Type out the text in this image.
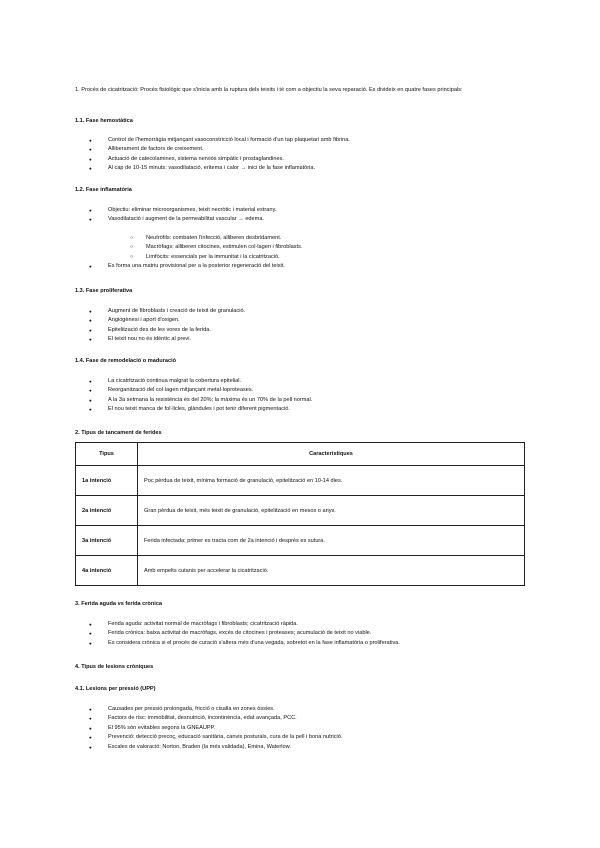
1. Procés de cicatrització: Procés fisiològic que s'inicia amb la ruptura dels teixits i té com a objectiu la seva reparació. Es divideix en quatre fases principals:
1.1. Fase hemostàtica
● Control de l'hemorràgia mitjançant vasoconstricció local i formació d'un tap plaquetari amb fibrina.
● Alliberament de factors de creixement.
● Actuació de catecolamines, sistema nerviós simpàtic i prostaglandines.
● Al cap de 10-15 minuts: vasodilatació, eritema i calor → inici de la fase inflamatòria.
1.2. Fase inflamatòria
● Objectiu: eliminar microorganismes, teixit necròtic i material estrany.
● Vasodilatació i augment de la permeabilitat vascular → edema.
○ Neutròfils: combaten l'infecció, alliberen desbridament.
○ Macròfags: alliberen citocines, estimulen col·lagen i fibroblasts.
○ Limfòcits: essencials per la immunitat i la cicatrització.
● Es forma una matriu provisional per a la posterior regeneració del teixit.
1.3. Fase proliferativa
● Augment de fibroblasts i creació de teixit de granulació.
● Angiogènesi i aport d'oxigen.
● Epitelització des de les vores de la ferida.
● El teixit nou no és idèntic al previ.
1.4. Fase de remodelació o maduració
● La cicatrització continua malgrat la cobertura epitelial.
● Reorganització del col·lagen mitjançant metal·loproteases.
● A la 3a setmana la resistència és del 20%; la màxima és un 70% de la pell normal.
● El nou teixit manca de fol·licles, glàndules i pot tenir diferent pigmentació.
2. Tipus de tancament de ferides
Tipus	Característiques
1a intenció	Poc pèrdua de teixit, mínima formació de granulació, epitelització en 10-14 dies.
2a intenció	Gran pèrdua de teixit, més teixit de granulació, epitelització en mesos o anys.
3a intenció	Ferida infectada; primer es tracta com de 2a intenció i després es sutura.
4a intenció	Amb empelts cutanis per accelerar la cicatrització.
3. Ferida aguda vs ferida crònica
● Ferida aguda: activitat normal de macròfags i fibroblasts; cicatrització ràpida.
● Ferida crònica: baixa activitat de macròfags, excés de citocines i proteases; acumulació de teixit no viable.
● Es considera crònica si el procés de curació s'altera més d'una vegada, sobretot en la fase inflamatòria o proliferativa.
4. Tipus de lesions cròniques
4.1. Lesions per pressió (UPP)
● Causades per pressió prolongada, fricció o cisalla en zones òssies.
● Factors de risc: immobilitat, desnutrició, incontinència, edat avançada, PCC.
● El 95% són evitables segons la GNEAUPP.
● Prevenció: detecció precoç, educació sanitària, canvis posturals, cura de la pell i bona nutrició.
● Escales de valoració: Norton, Braden (la més validada), Emina, Waterlow.
